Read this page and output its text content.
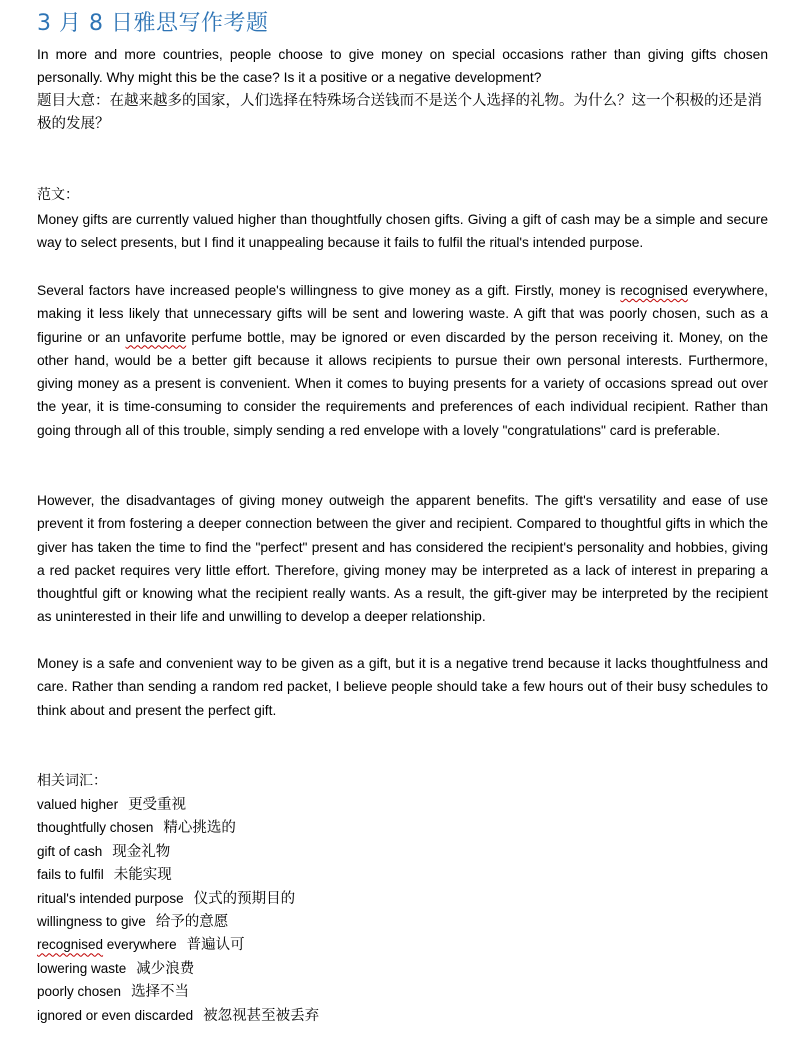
3 月 8 日雅思写作考题
In more and more countries, people choose to give money on special occasions rather than giving gifts chosen personally. Why might this be the case? Is it a positive or a negative development?
题目大意：在越来越多的国家，人们选择在特殊场合送钱而不是送个人选择的礼物。为什么？这一个积极的还是消极的发展？
范文：
Money gifts are currently valued higher than thoughtfully chosen gifts. Giving a gift of cash may be a simple and secure way to select presents, but I find it unappealing because it fails to fulfil the ritual's intended purpose.
Several factors have increased people's willingness to give money as a gift. Firstly, money is recognised everywhere, making it less likely that unnecessary gifts will be sent and lowering waste. A gift that was poorly chosen, such as a figurine or an unfavorite perfume bottle, may be ignored or even discarded by the person receiving it. Money, on the other hand, would be a better gift because it allows recipients to pursue their own personal interests. Furthermore, giving money as a present is convenient. When it comes to buying presents for a variety of occasions spread out over the year, it is time-consuming to consider the requirements and preferences of each individual recipient. Rather than going through all of this trouble, simply sending a red envelope with a lovely "congratulations" card is preferable.
However, the disadvantages of giving money outweigh the apparent benefits. The gift's versatility and ease of use prevent it from fostering a deeper connection between the giver and recipient. Compared to thoughtful gifts in which the giver has taken the time to find the "perfect" present and has considered the recipient's personality and hobbies, giving a red packet requires very little effort. Therefore, giving money may be interpreted as a lack of interest in preparing a thoughtful gift or knowing what the recipient really wants. As a result, the gift-giver may be interpreted by the recipient as uninterested in their life and unwilling to develop a deeper relationship.
Money is a safe and convenient way to be given as a gift, but it is a negative trend because it lacks thoughtfulness and care. Rather than sending a random red packet, I believe people should take a few hours out of their busy schedules to think about and present the perfect gift.
相关词汇：
valued higher 更受重视
thoughtfully chosen 精心挑选的
gift of cash 现金礼物
fails to fulfil 未能实现
ritual's intended purpose 仪式的预期目的
willingness to give 给予的意愿
recognised everywhere 普遍认可
lowering waste 减少浪费
poorly chosen 选择不当
ignored or even discarded 被忽视甚至被丢弃
